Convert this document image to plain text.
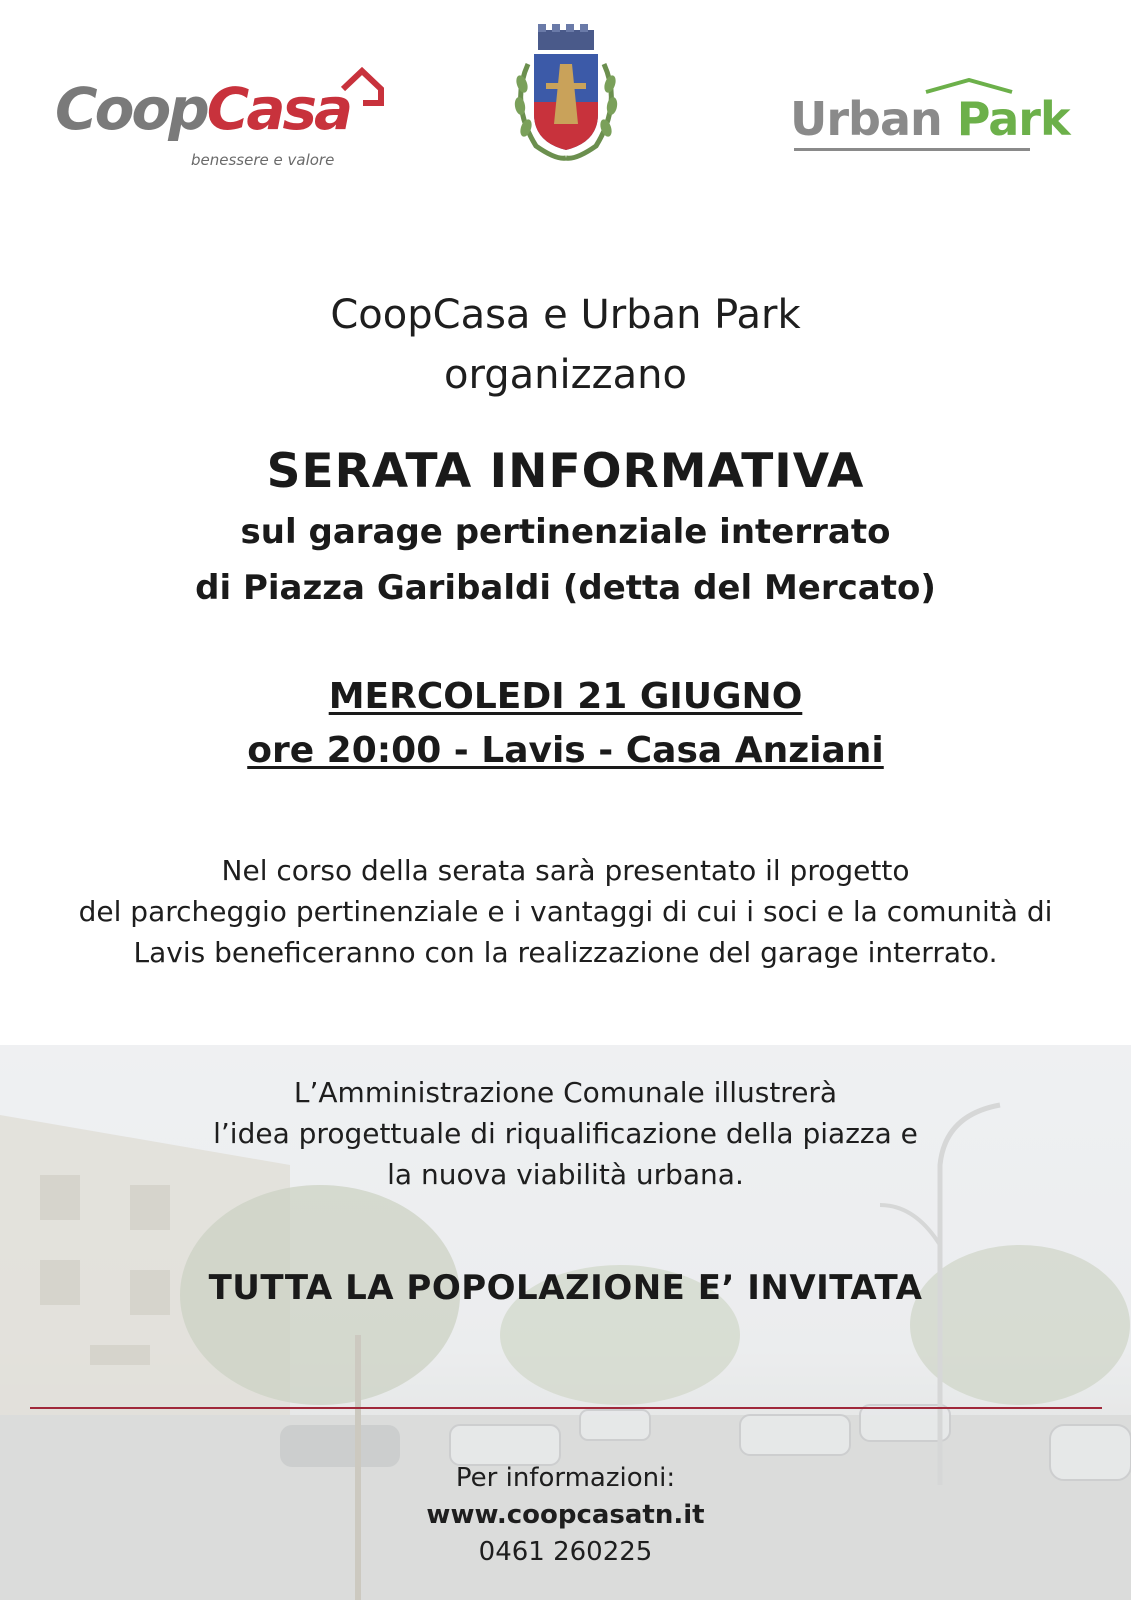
CoopCasa
benessere e valore
Urban Park
CoopCasa e Urban Park
organizzano
SERATA INFORMATIVA
sul garage pertinenziale interrato
di Piazza Garibaldi (detta del Mercato)
MERCOLEDI 21 GIUGNO
ore 20:00 - Lavis - Casa Anziani
Nel corso della serata sarà presentato il progetto
del parcheggio pertinenziale e i vantaggi di cui i soci e la comunità di
Lavis beneficeranno con la realizzazione del garage interrato.
L’Amministrazione Comunale illustrerà
l’idea progettuale di riqualificazione della piazza e
la nuova viabilità urbana.
TUTTA LA POPOLAZIONE E’ INVITATA
Per informazioni:
www.coopcasatn.it
0461 260225
